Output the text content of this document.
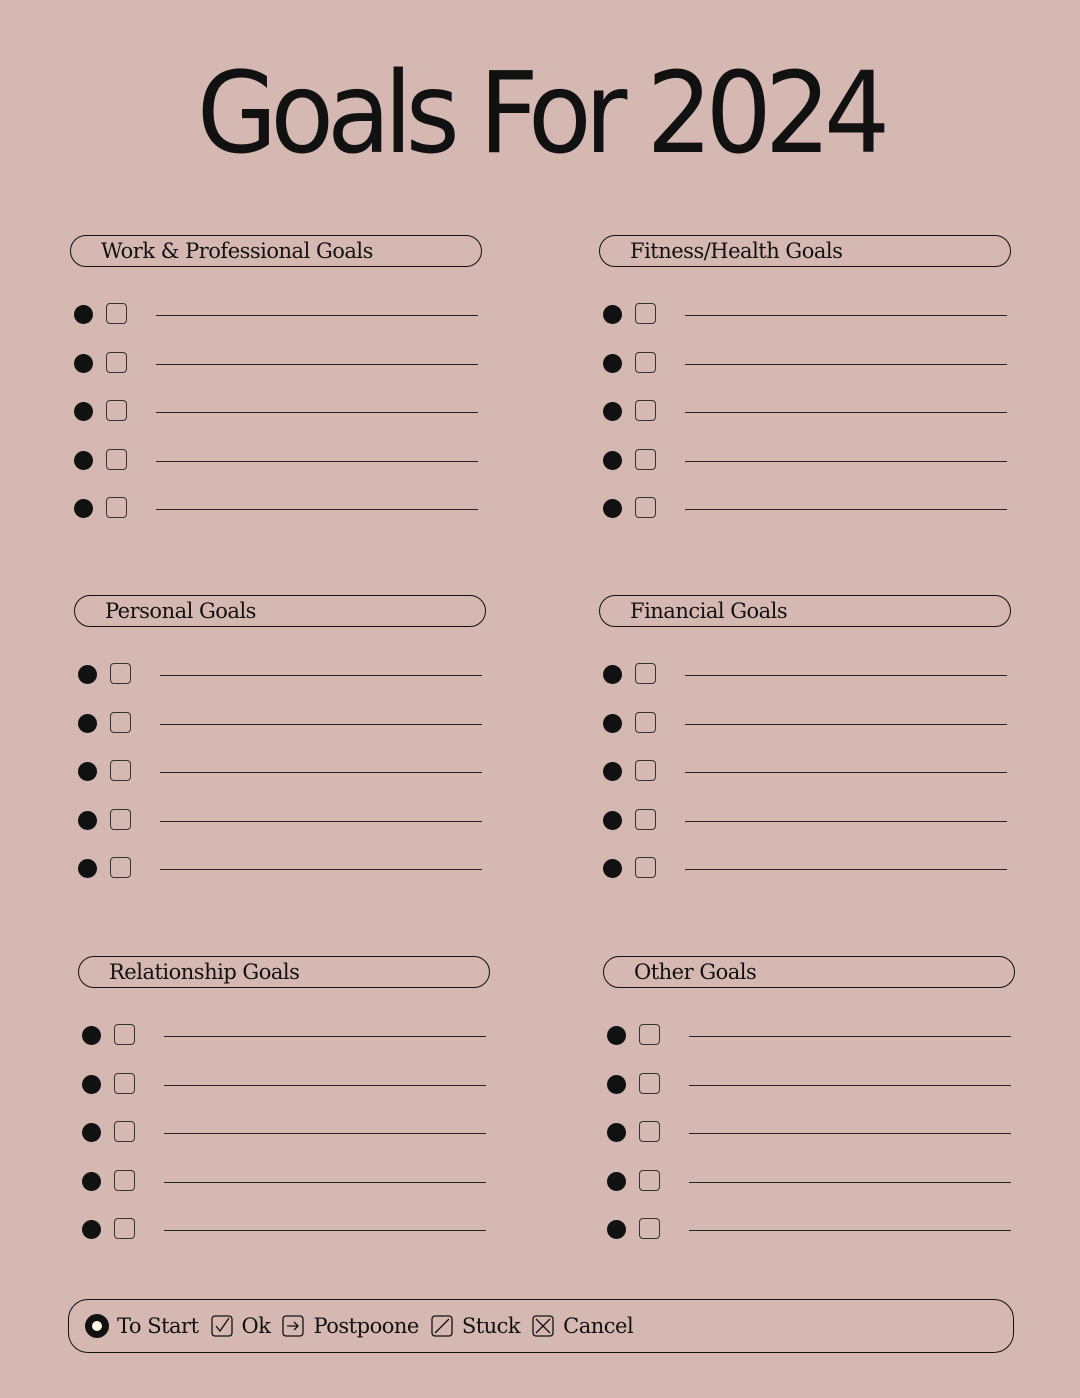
Goals For 2024
Work & Professional Goals	Fitness/Health Goals
Personal Goals	Financial Goals
Relationship Goals	Other Goals
To Start Ok Postpoone Stuck Cancel
